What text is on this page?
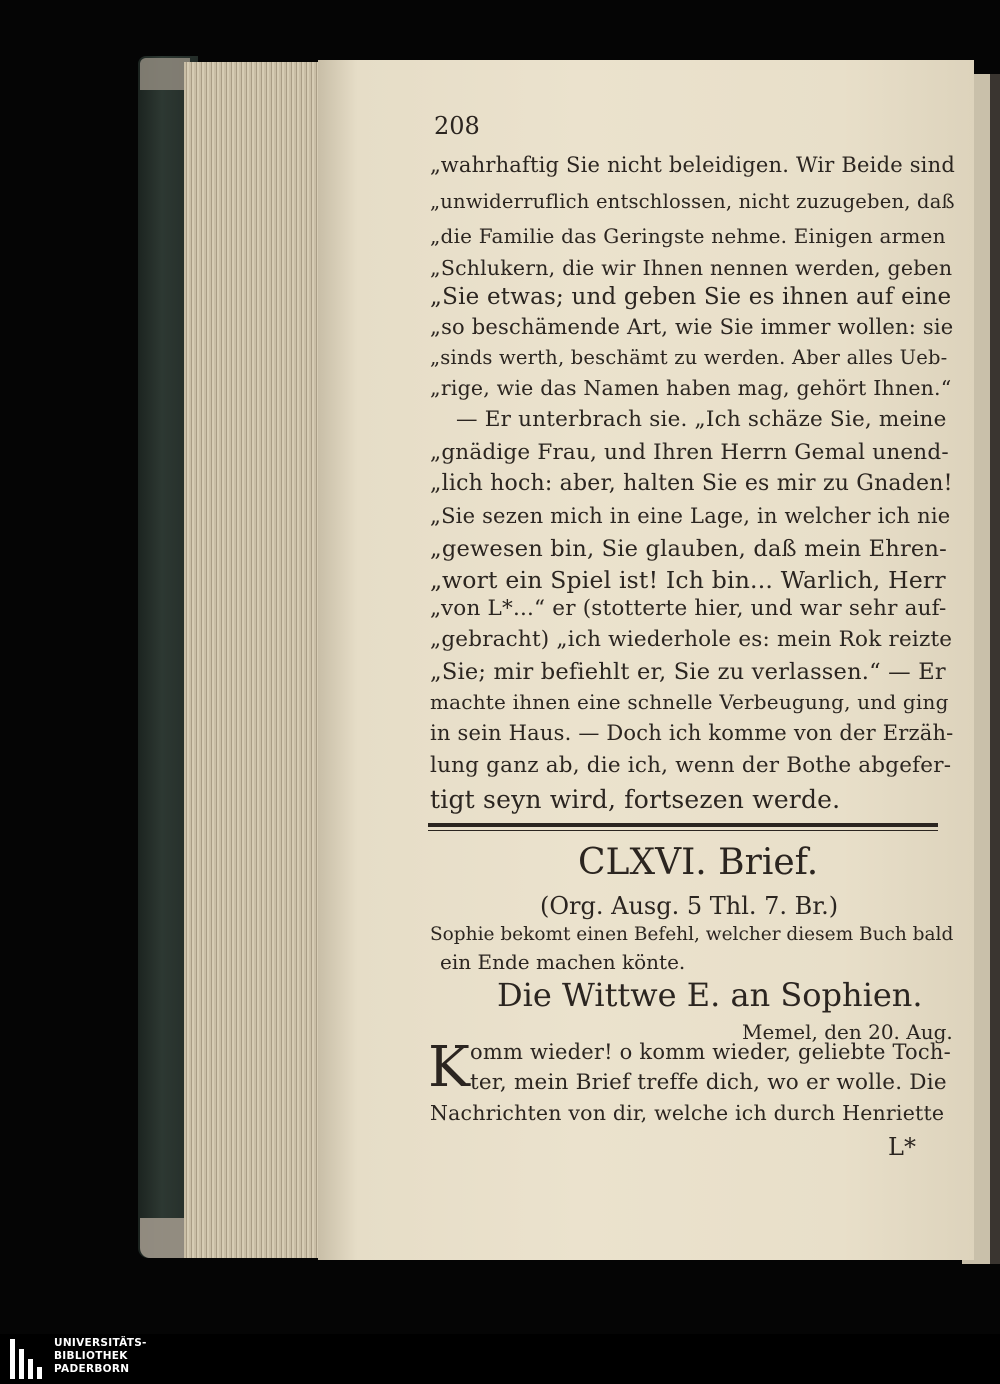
208
„wahrhaftig Sie nicht beleidigen. Wir Beide sind
„unwiderruflich entschlossen, nicht zuzugeben, daß
„die Familie das Geringste nehme. Einigen armen
„Schlukern, die wir Ihnen nennen werden, geben
„Sie etwas; und geben Sie es ihnen auf eine
„so beschämende Art, wie Sie immer wollen: sie
„sinds werth, beschämt zu werden. Aber alles Ueb-
„rige, wie das Namen haben mag, gehört Ihnen.“
— Er unterbrach sie. „Ich schäze Sie, meine
„gnädige Frau, und Ihren Herrn Gemal unend-
„lich hoch: aber, halten Sie es mir zu Gnaden!
„Sie sezen mich in eine Lage, in welcher ich nie
„gewesen bin, Sie glauben, daß mein Ehren-
„wort ein Spiel ist! Ich bin... Warlich, Herr
„von L*...“ er (stotterte hier, und war sehr auf-
„gebracht) „ich wiederhole es: mein Rok reizte
„Sie; mir befiehlt er, Sie zu verlassen.“ — Er
machte ihnen eine schnelle Verbeugung, und ging
in sein Haus. — Doch ich komme von der Erzäh-
lung ganz ab, die ich, wenn der Bothe abgefer-
tigt seyn wird, fortsezen werde.
CLXVI. Brief.
(Org. Ausg. 5 Thl. 7. Br.)
Sophie bekomt einen Befehl, welcher diesem Buch bald
ein Ende machen könte.
Die Wittwe E. an Sophien.
Memel, den 20. Aug.
K omm wieder! o komm wieder, geliebte Toch-
ter, mein Brief treffe dich, wo er wolle. Die
Nachrichten von dir, welche ich durch Henriette
L*
UNIVERSITÄTS-
BIBLIOTHEK
PADERBORN
